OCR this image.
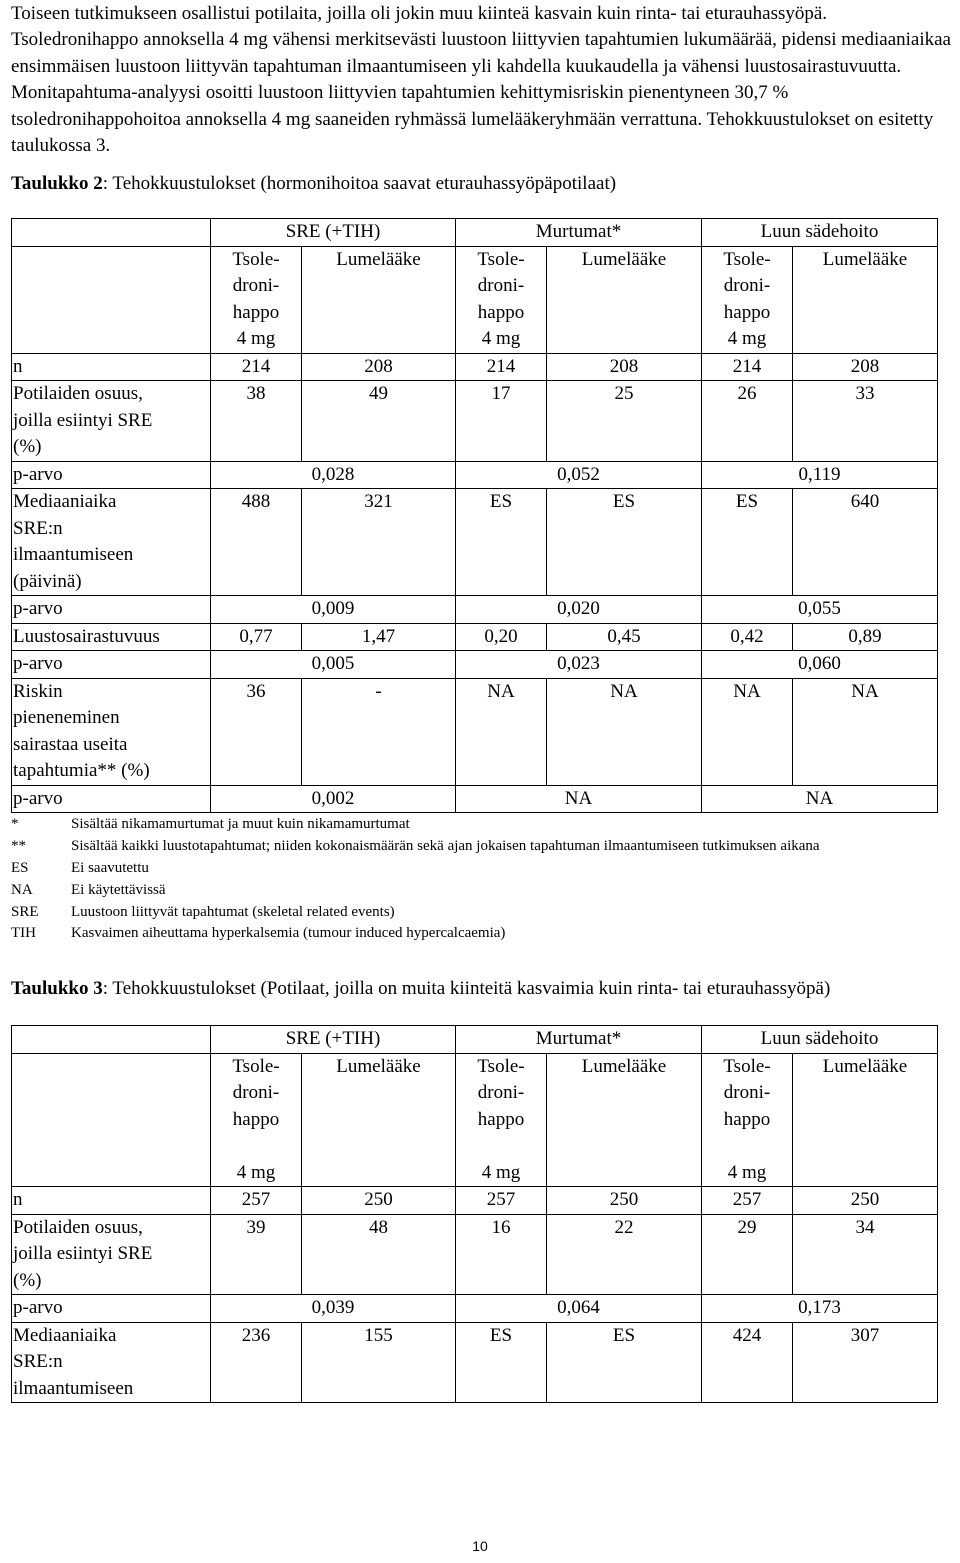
Toiseen tutkimukseen osallistui potilaita, joilla oli jokin muu kiinteä kasvain kuin rinta- tai eturauhassyöpä. Tsoledronihappo annoksella 4 mg vähensi merkitsevästi luustoon liittyvien tapahtumien lukumäärää, pidensi mediaaniaikaa ensimmäisen luustoon liittyvän tapahtuman ilmaantumiseen yli kahdella kuukaudella ja vähensi luustosairastuvuutta. Monitapahtuma-analyysi osoitti luustoon liittyvien tapahtumien kehittymisriskin pienentyneen 30,7 % tsoledronihappohoitoa annoksella 4 mg saaneiden ryhmässä lumelääkeryhmään verrattuna. Tehokkuustulokset on esitetty taulukossa 3.

Taulukko 2: Tehokkuustulokset (hormonihoitoa saavat eturauhassyöpäpotilaat)

	SRE (+TIH)		Murtumat*		Luun sädehoito	
	Tsole-
droni-
happo
4 mg	Lumelääke	Tsole-
droni-
happo
4 mg	Lumelääke	Tsole-
droni-
happo
4 mg	Lumelääke
n	214	208	214	208	214	208
Potilaiden osuus,
joilla esiintyi SRE
(%)	38	49	17	25	26	33
p-arvo	0,028		0,052		0,119	
Mediaaniaika
SRE:n
ilmaantumiseen
(päivinä)	488	321	ES	ES	ES	640
p-arvo	0,009		0,020		0,055	
Luustosairastuvuus	0,77	1,47	0,20	0,45	0,42	0,89
p-arvo	0,005		0,023		0,060	
Riskin
pieneneminen
sairastaa useita
tapahtumia** (%)	36	-	NA	NA	NA	NA
p-arvo	0,002		NA		NA	
*	Sisältää nikamamurtumat ja muut kuin nikamamurtumat
**	Sisältää kaikki luustotapahtumat; niiden kokonaismäärän sekä ajan jokaisen tapahtuman ilmaantumiseen tutkimuksen aikana
ES	Ei saavutettu
NA	Ei käytettävissä
SRE	Luustoon liittyvät tapahtumat (skeletal related events)
TIH	Kasvaimen aiheuttama hyperkalsemia (tumour induced hypercalcaemia)

Taulukko 3: Tehokkuustulokset (Potilaat, joilla on muita kiinteitä kasvaimia kuin rinta- tai eturauhassyöpä)

	SRE (+TIH)		Murtumat*		Luun sädehoito	
	Tsole-
droni-
happo

4 mg	Lumelääke	Tsole-
droni-
happo

4 mg	Lumelääke	Tsole-
droni-
happo

4 mg	Lumelääke
n	257	250	257	250	257	250
Potilaiden osuus,
joilla esiintyi SRE
(%)	39	48	16	22	29	34
p-arvo	0,039		0,064		0,173	
Mediaaniaika
SRE:n
ilmaantumiseen	236	155	ES	ES	424	307
10
